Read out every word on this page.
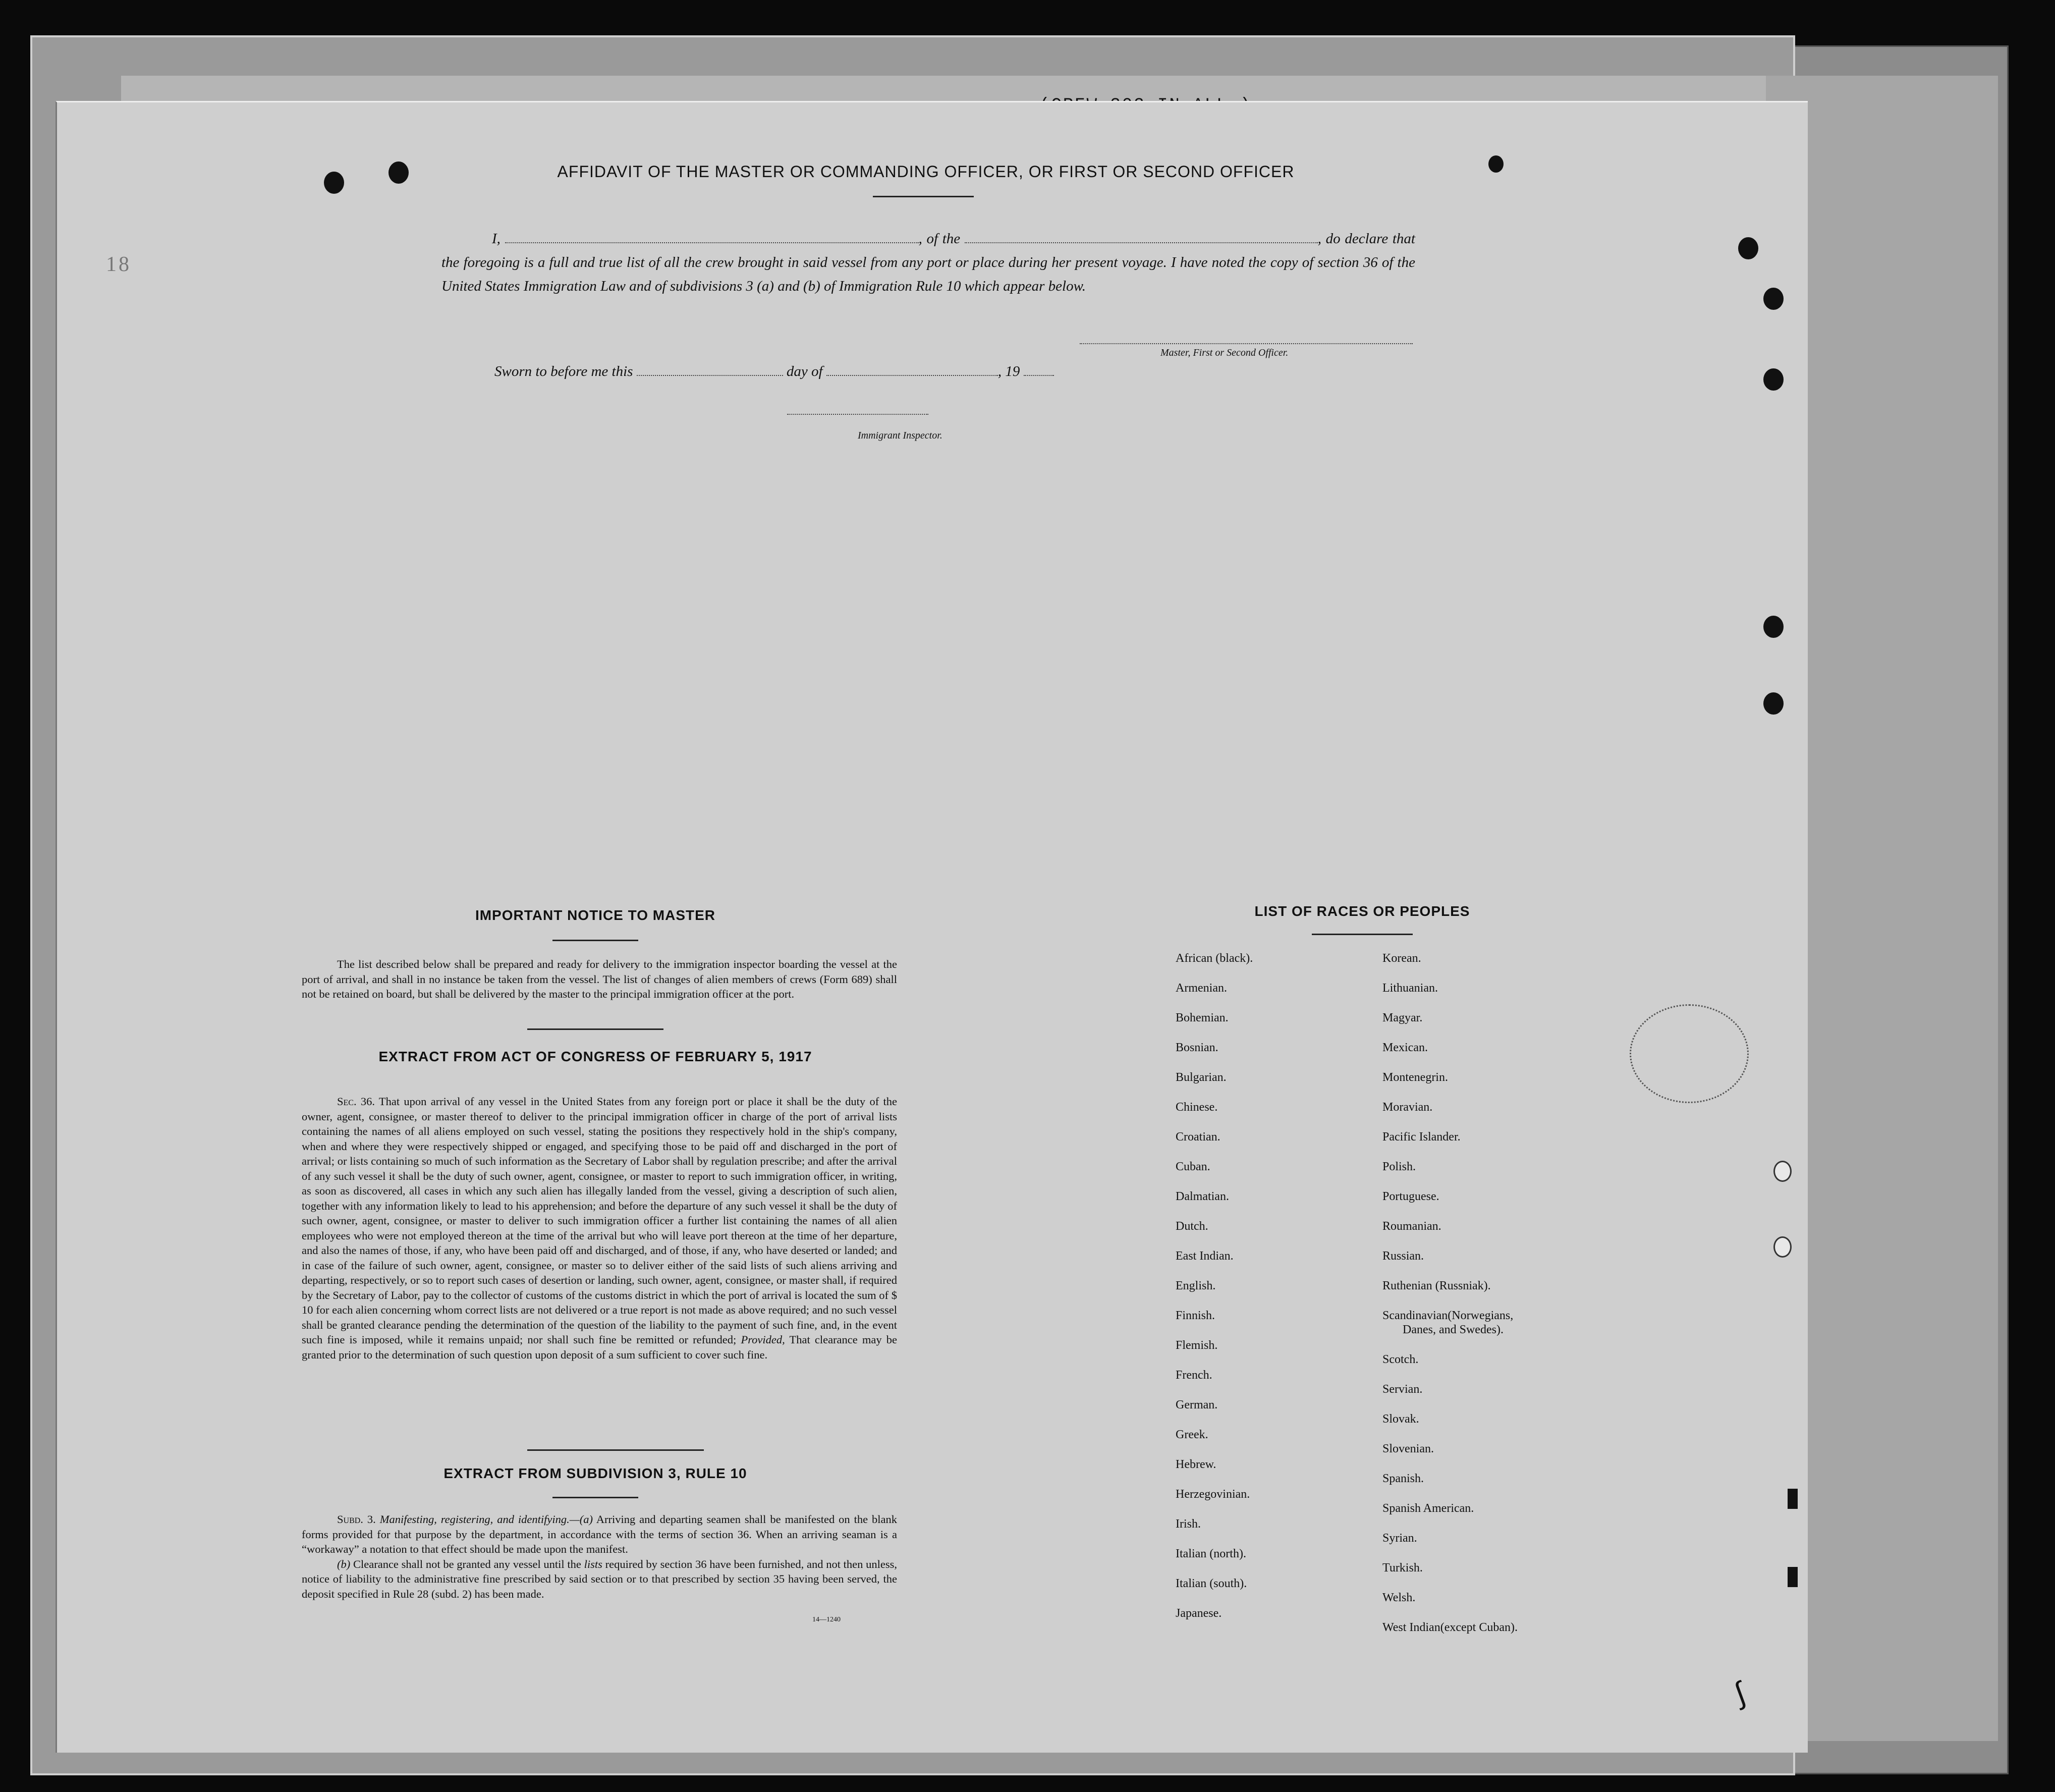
18
∫
AFFIDAVIT OF THE MASTER OR COMMANDING OFFICER, OR FIRST OR SECOND OFFICER
I,	, of the	, do declare that the foregoing is a full and true list of all the crew brought in said vessel from any port or place during her present voyage. I have noted the copy of section 36 of the United States Immigration Law and of subdivisions 3 (a) and (b) of Immigration Rule 10 which appear below.
Master, First or Second Officer.
Sworn to before me this	day of	, 19
Immigrant Inspector.
IMPORTANT NOTICE TO MASTER
The list described below shall be prepared and ready for delivery to the immigration inspector boarding the vessel at the port of arrival, and shall in no instance be taken from the vessel. The list of changes of alien members of crews (Form 689) shall not be retained on board, but shall be delivered by the master to the principal immigration officer at the port.
EXTRACT FROM ACT OF CONGRESS OF FEBRUARY 5, 1917
Sec. 36. That upon arrival of any vessel in the United States from any foreign port or place it shall be the duty of the owner, agent, consignee, or master thereof to deliver to the principal immigration officer in charge of the port of arrival lists containing the names of all aliens employed on such vessel, stating the positions they respectively hold in the ship's company, when and where they were respectively shipped or engaged, and specifying those to be paid off and discharged in the port of arrival; or lists containing so much of such information as the Secretary of Labor shall by regulation prescribe; and after the arrival of any such vessel it shall be the duty of such owner, agent, consignee, or master to report to such immigration officer, in writing, as soon as discovered, all cases in which any such alien has illegally landed from the vessel, giving a description of such alien, together with any information likely to lead to his apprehension; and before the departure of any such vessel it shall be the duty of such owner, agent, consignee, or master to deliver to such immigration officer a further list containing the names of all alien employees who were not employed thereon at the time of the arrival but who will leave port thereon at the time of her departure, and also the names of those, if any, who have been paid off and discharged, and of those, if any, who have deserted or landed; and in case of the failure of such owner, agent, consignee, or master so to deliver either of the said lists of such aliens arriving and departing, respectively, or so to report such cases of desertion or landing, such owner, agent, consignee, or master shall, if required by the Secretary of Labor, pay to the collector of customs of the customs district in which the port of arrival is located the sum of $ 10 for each alien concerning whom correct lists are not delivered or a true report is not made as above required; and no such vessel shall be granted clearance pending the determination of the question of the liability to the payment of such fine, and, in the event such fine is imposed, while it remains unpaid; nor shall such fine be remitted or refunded; Provided, That clearance may be granted prior to the determination of such question upon deposit of a sum sufficient to cover such fine.
EXTRACT FROM SUBDIVISION 3, RULE 10
Subd. 3. Manifesting, registering, and identifying.—(a) Arriving and departing seamen shall be manifested on the blank forms provided for that purpose by the department, in accordance with the terms of section 36. When an arriving seaman is a “workaway” a notation to that effect should be made upon the manifest.
(b) Clearance shall not be granted any vessel until the lists required by section 36 have been furnished, and not then unless, notice of liability to the administrative fine prescribed by said section or to that prescribed by section 35 having been served, the deposit specified in Rule 28 (subd. 2) has been made.
14—1240
LIST OF RACES OR PEOPLES
African (black).
Armenian.
Bohemian.
Bosnian.
Bulgarian.
Chinese.
Croatian.
Cuban.
Dalmatian.
Dutch.
East Indian.
English.
Finnish.
Flemish.
French.
German.
Greek.
Hebrew.
Herzegovinian.
Irish.
Italian (north).
Italian (south).
Japanese.
Korean.
Lithuanian.
Magyar.
Mexican.
Montenegrin.
Moravian.
Pacific Islander.
Polish.
Portuguese.
Roumanian.
Russian.
Ruthenian (Russniak).
Scandinavian(Norwegians,
Danes, and Swedes).
Scotch.
Servian.
Slovak.
Slovenian.
Spanish.
Spanish American.
Syrian.
Turkish.
Welsh.
West Indian(except Cuban).
